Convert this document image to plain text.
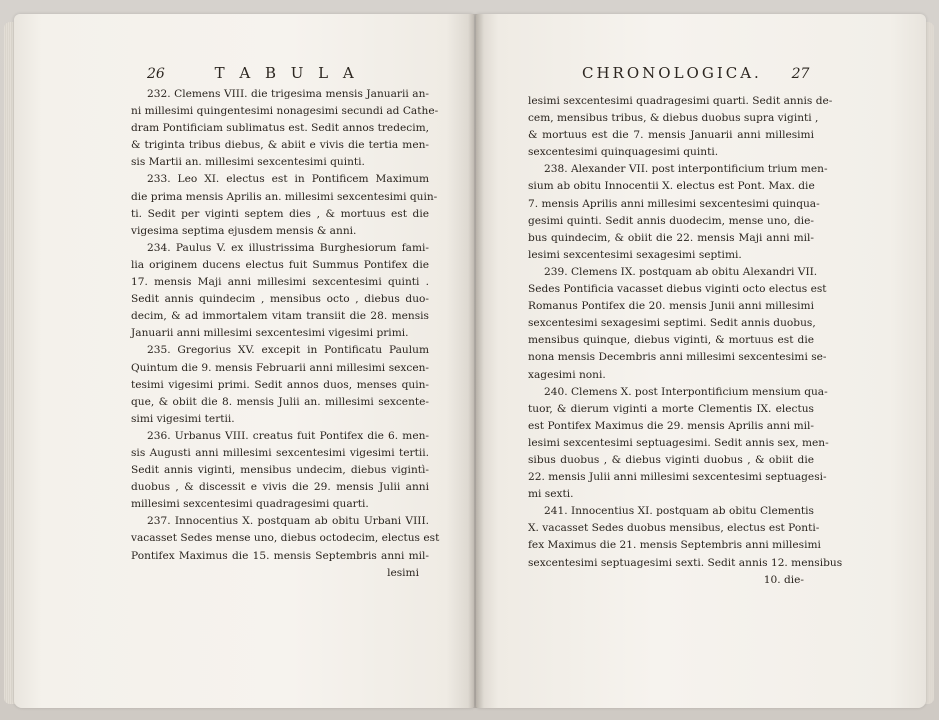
26	T A B U L A	CHRONOLOGICA. 27
232. Clemens VIII. die trigesima mensis Januarii an-
ni millesimi quingentesimi nonagesimi secundi ad Cathe-
dram Pontificiam sublimatus est. Sedit annos tredecim,
& triginta tribus diebus, & abiit e vivis die tertia men-
sis Martii an. millesimi sexcentesimi quinti.
233. Leo XI. electus est in Pontificem Maximum
die prima mensis Aprilis an. millesimi sexcentesimi quin-
ti. Sedit per viginti septem dies , & mortuus est die
vigesima septima ejusdem mensis & anni.
234. Paulus V. ex illustrissima Burghesiorum fami-
lia originem ducens electus fuit Summus Pontifex die
17. mensis Maji anni millesimi sexcentesimi quinti .
Sedit annis quindecim , mensibus octo , diebus duo-
decim, & ad immortalem vitam transiit die 28. mensis
Januarii anni millesimi sexcentesimi vigesimi primi.
235. Gregorius XV. excepit in Pontificatu Paulum
Quintum die 9. mensis Februarii anni millesimi sexcen-
tesimi vigesimi primi. Sedit annos duos, menses quin-
que, & obiit die 8. mensis Julii an. millesimi sexcente-
simi vigesimi tertii.
236. Urbanus VIII. creatus fuit Pontifex die 6. men-
sis Augusti anni millesimi sexcentesimi vigesimi tertii.
Sedit annis viginti, mensibus undecim, diebus vigintì-
duobus , & discessit e vivis die 29. mensis Julii anni
millesimi sexcentesimi quadragesimi quarti.
237. Innocentius X. postquam ab obitu Urbani VIII.
vacasset Sedes mense uno, diebus octodecim, electus est
Pontifex Maximus die 15. mensis Septembris anni mil-
lesimi
lesimi sexcentesimi quadragesimi quarti. Sedit annis de-
cem, mensibus tribus, & diebus duobus supra viginti ,
& mortuus est die 7. mensis Januarii anni millesimi
sexcentesimi quinquagesimi quinti.
238. Alexander VII. post interpontificium trium men-
sium ab obitu Innocentii X. electus est Pont. Max. die
7. mensis Aprilis anni millesimi sexcentesimi quinqua-
gesimi quinti. Sedit annis duodecim, mense uno, die-
bus quindecim, & obiit die 22. mensis Maji anni mil-
lesimi sexcentesimi sexagesimi septimi.
239. Clemens IX. postquam ab obitu Alexandri VII.
Sedes Pontificia vacasset diebus viginti octo electus est
Romanus Pontifex die 20. mensis Junii anni millesimi
sexcentesimi sexagesimi septimi. Sedit annis duobus,
mensibus quinque, diebus viginti, & mortuus est die
nona mensis Decembris anni millesimi sexcentesimi se-
xagesimi noni.
240. Clemens X. post Interpontificium mensium qua-
tuor, & dierum viginti a morte Clementis IX. electus
est Pontifex Maximus die 29. mensis Aprilis anni mil-
lesimi sexcentesimi septuagesimi. Sedit annis sex, men-
sibus duobus , & diebus viginti duobus , & obiit die
22. mensis Julii anni millesimi sexcentesimi septuagesi-
mi sexti.
241. Innocentius XI. postquam ab obitu Clementis
X. vacasset Sedes duobus mensibus, electus est Ponti-
fex Maximus die 21. mensis Septembris anni millesimi
sexcentesimi septuagesimi sexti. Sedit annis 12. mensibus
10. die-
